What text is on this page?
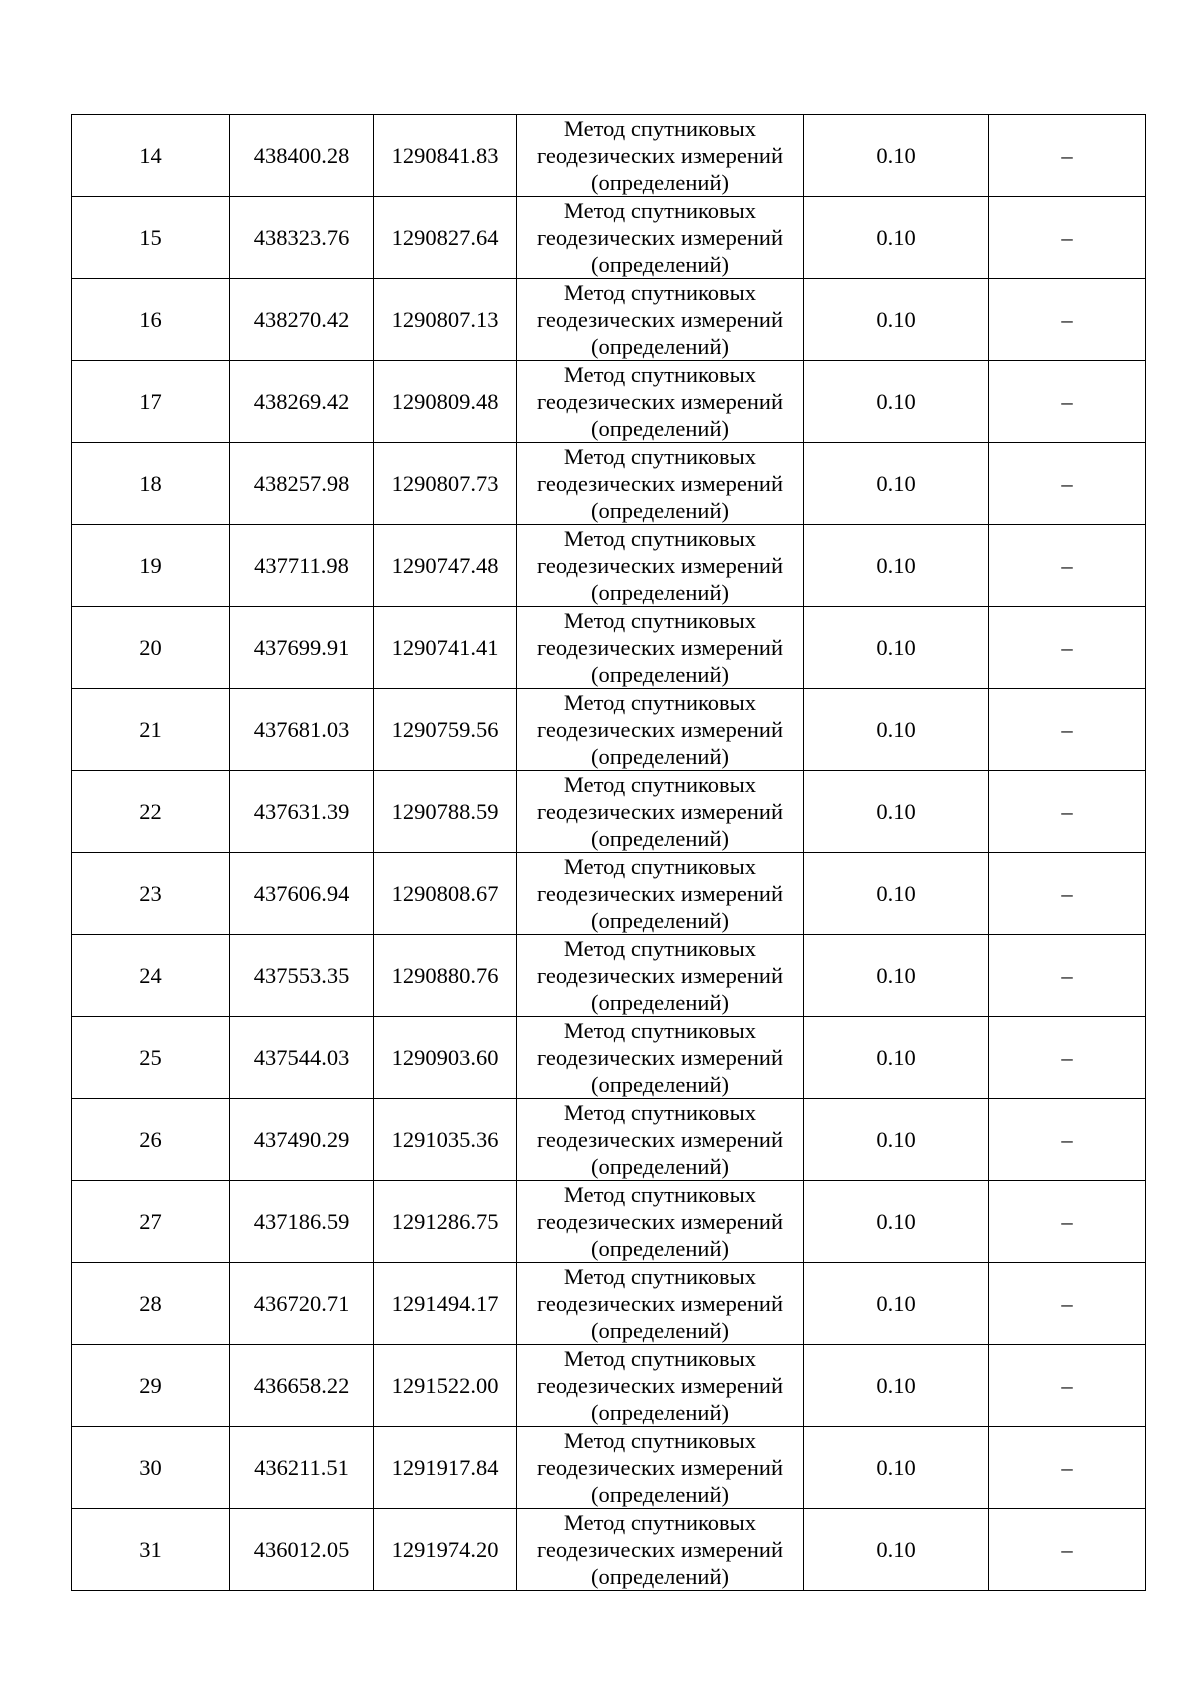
14	438400.28	1290841.83	Метод спутниковых
геодезических измерений
(определений)	0.10	–
15	438323.76	1290827.64	Метод спутниковых
геодезических измерений
(определений)	0.10	–
16	438270.42	1290807.13	Метод спутниковых
геодезических измерений
(определений)	0.10	–
17	438269.42	1290809.48	Метод спутниковых
геодезических измерений
(определений)	0.10	–
18	438257.98	1290807.73	Метод спутниковых
геодезических измерений
(определений)	0.10	–
19	437711.98	1290747.48	Метод спутниковых
геодезических измерений
(определений)	0.10	–
20	437699.91	1290741.41	Метод спутниковых
геодезических измерений
(определений)	0.10	–
21	437681.03	1290759.56	Метод спутниковых
геодезических измерений
(определений)	0.10	–
22	437631.39	1290788.59	Метод спутниковых
геодезических измерений
(определений)	0.10	–
23	437606.94	1290808.67	Метод спутниковых
геодезических измерений
(определений)	0.10	–
24	437553.35	1290880.76	Метод спутниковых
геодезических измерений
(определений)	0.10	–
25	437544.03	1290903.60	Метод спутниковых
геодезических измерений
(определений)	0.10	–
26	437490.29	1291035.36	Метод спутниковых
геодезических измерений
(определений)	0.10	–
27	437186.59	1291286.75	Метод спутниковых
геодезических измерений
(определений)	0.10	–
28	436720.71	1291494.17	Метод спутниковых
геодезических измерений
(определений)	0.10	–
29	436658.22	1291522.00	Метод спутниковых
геодезических измерений
(определений)	0.10	–
30	436211.51	1291917.84	Метод спутниковых
геодезических измерений
(определений)	0.10	–
31	436012.05	1291974.20	Метод спутниковых
геодезических измерений
(определений)	0.10	–
